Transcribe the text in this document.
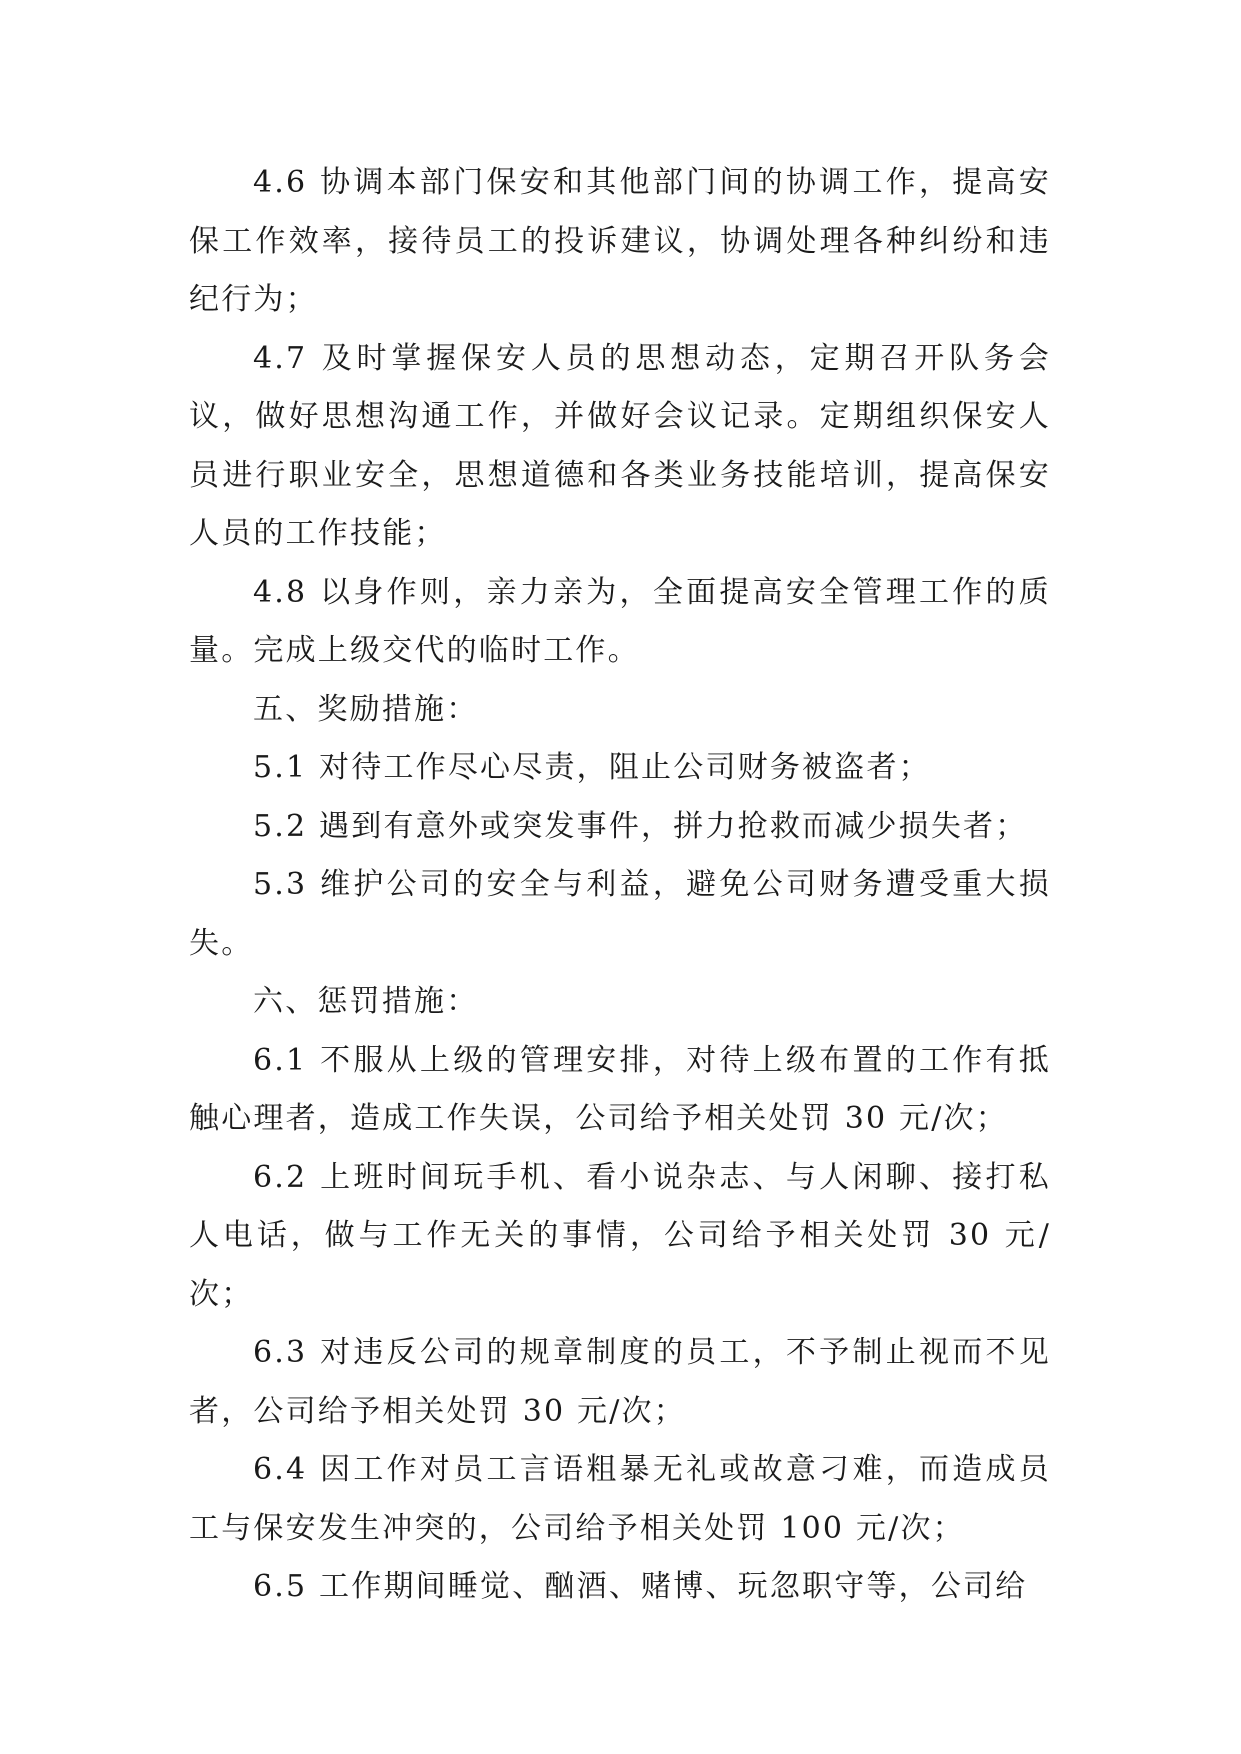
4.6 协调本部门保安和其他部门间的协调工作，提高安保工作效率，接待员工的投诉建议，协调处理各种纠纷和违纪行为；

4.7 及时掌握保安人员的思想动态，定期召开队务会议，做好思想沟通工作，并做好会议记录。定期组织保安人员进行职业安全，思想道德和各类业务技能培训，提高保安人员的工作技能；

4.8 以身作则，亲力亲为，全面提高安全管理工作的质量。完成上级交代的临时工作。

五、奖励措施：

5.1 对待工作尽心尽责，阻止公司财务被盗者；

5.2 遇到有意外或突发事件，拼力抢救而减少损失者；

5.3 维护公司的安全与利益，避免公司财务遭受重大损失。

六、惩罚措施：

6.1 不服从上级的管理安排，对待上级布置的工作有抵触心理者，造成工作失误，公司给予相关处罚 30 元/次；

6.2 上班时间玩手机、看小说杂志、与人闲聊、接打私人电话，做与工作无关的事情，公司给予相关处罚 30 元/次；

6.3 对违反公司的规章制度的员工，不予制止视而不见者，公司给予相关处罚 30 元/次；

6.4 因工作对员工言语粗暴无礼或故意刁难，而造成员工与保安发生冲突的，公司给予相关处罚 100 元/次；

6.5 工作期间睡觉、酗酒、赌博、玩忽职守等，公司给
